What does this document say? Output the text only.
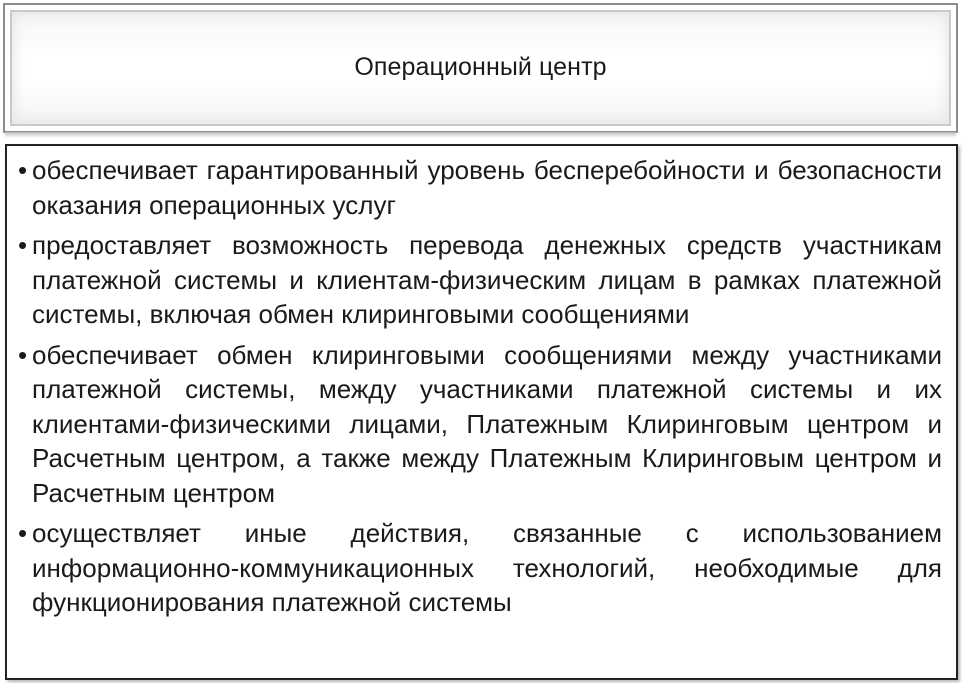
Операционный центр
• обеспечивает гарантированный уровень бесперебойности и безопасности оказания операционных услуг
• предоставляет возможность перевода денежных средств участникам платежной системы и клиентам-физическим лицам в рамках платежной системы, включая обмен клиринговыми сообщениями
• обеспечивает обмен клиринговыми сообщениями между участниками платежной системы, между участниками платежной системы и их клиентами-физическими лицами, Платежным Клиринговым центром и Расчетным центром, а также между Платежным Клиринговым центром и Расчетным центром
• осуществляет иные действия, связанные с использованием информационно-коммуникационных технологий, необходимые для функционирования платежной системы
